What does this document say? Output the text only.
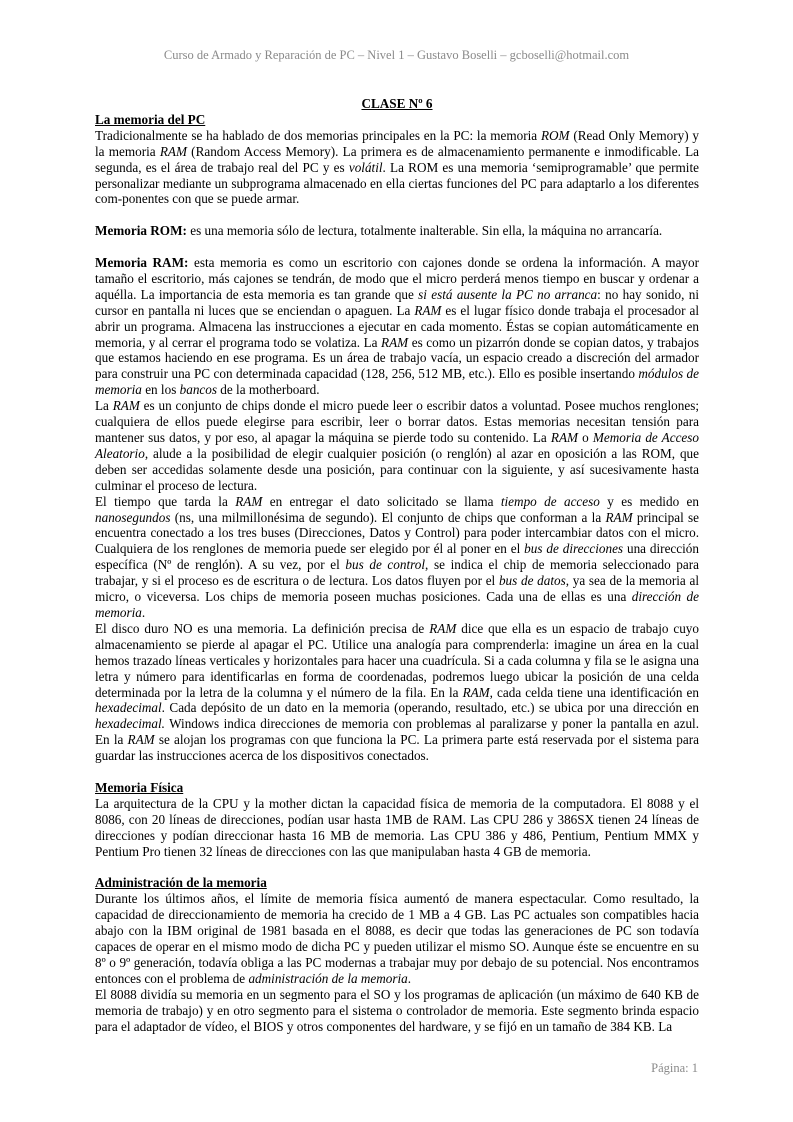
Curso de Armado y Reparación de PC – Nivel 1 – Gustavo Boselli – gcboselli@hotmail.com

CLASE Nº 6

La memoria del PC

Tradicionalmente se ha hablado de dos memorias principales en la PC: la memoria ROM (Read Only Memory) y la memoria RAM (Random Access Memory). La primera es de almacenamiento permanente e inmodificable. La segunda, es el área de trabajo real del PC y es volátil. La ROM es una memoria ‘semiprogramable’ que permite personalizar mediante un subprograma almacenado en ella ciertas funciones del PC para adaptarlo a los diferentes com-ponentes con que se puede armar.

Memoria ROM: es una memoria sólo de lectura, totalmente inalterable. Sin ella, la máquina no arrancaría.

Memoria RAM: esta memoria es como un escritorio con cajones donde se ordena la información. A mayor tamaño el escritorio, más cajones se tendrán, de modo que el micro perderá menos tiempo en buscar y ordenar a aquélla. La importancia de esta memoria es tan grande que si está ausente la PC no arranca: no hay sonido, ni cursor en pantalla ni luces que se enciendan o apaguen. La RAM es el lugar físico donde trabaja el procesador al abrir un programa. Almacena las instrucciones a ejecutar en cada momento. Éstas se copian automáticamente en memoria, y al cerrar el programa todo se volatiza. La RAM es como un pizarrón donde se copian datos, y trabajos que estamos haciendo en ese programa. Es un área de trabajo vacía, un espacio creado a discreción del armador para construir una PC con determinada capacidad (128, 256, 512 MB, etc.). Ello es posible insertando módulos de memoria en los bancos de la motherboard.

La RAM es un conjunto de chips donde el micro puede leer o escribir datos a voluntad. Posee muchos renglones; cualquiera de ellos puede elegirse para escribir, leer o borrar datos. Estas memorias necesitan tensión para mantener sus datos, y por eso, al apagar la máquina se pierde todo su contenido. La RAM o Memoria de Acceso Aleatorio, alude a la posibilidad de elegir cualquier posición (o renglón) al azar en oposición a las ROM, que deben ser accedidas solamente desde una posición, para continuar con la siguiente, y así sucesivamente hasta culminar el proceso de lectura.

El tiempo que tarda la RAM en entregar el dato solicitado se llama tiempo de acceso y es medido en nanosegundos (ns, una milmillonésima de segundo). El conjunto de chips que conforman a la RAM principal se encuentra conectado a los tres buses (Direcciones, Datos y Control) para poder intercambiar datos con el micro. Cualquiera de los renglones de memoria puede ser elegido por él al poner en el bus de direcciones una dirección específica (Nº de renglón). A su vez, por el bus de control, se indica el chip de memoria seleccionado para trabajar, y si el proceso es de escritura o de lectura. Los datos fluyen por el bus de datos, ya sea de la memoria al micro, o viceversa. Los chips de memoria poseen muchas posiciones. Cada una de ellas es una dirección de memoria.

El disco duro NO es una memoria. La definición precisa de RAM dice que ella es un espacio de trabajo cuyo almacenamiento se pierde al apagar el PC. Utilice una analogía para comprenderla: imagine un área en la cual hemos trazado líneas verticales y horizontales para hacer una cuadrícula. Si a cada columna y fila se le asigna una letra y número para identificarlas en forma de coordenadas, podremos luego ubicar la posición de una celda determinada por la letra de la columna y el número de la fila. En la RAM, cada celda tiene una identificación en hexadecimal. Cada depósito de un dato en la memoria (operando, resultado, etc.) se ubica por una dirección en hexadecimal. Windows indica direcciones de memoria con problemas al paralizarse y poner la pantalla en azul. En la RAM se alojan los programas con que funciona la PC. La primera parte está reservada por el sistema para guardar las instrucciones acerca de los dispositivos conectados.

Memoria Física

La arquitectura de la CPU y la mother dictan la capacidad física de memoria de la computadora. El 8088 y el 8086, con 20 líneas de direcciones, podían usar hasta 1MB de RAM. Las CPU 286 y 386SX tienen 24 líneas de direcciones y podían direccionar hasta 16 MB de memoria. Las CPU 386 y 486, Pentium, Pentium MMX y Pentium Pro tienen 32 líneas de direcciones con las que manipulaban hasta 4 GB de memoria.

Administración de la memoria

Durante los últimos años, el límite de memoria física aumentó de manera espectacular. Como resultado, la capacidad de direccionamiento de memoria ha crecido de 1 MB a 4 GB. Las PC actuales son compatibles hacia abajo con la IBM original de 1981 basada en el 8088, es decir que todas las generaciones de PC son todavía capaces de operar en el mismo modo de dicha PC y pueden utilizar el mismo SO. Aunque éste se encuentre en su 8º o 9º generación, todavía obliga a las PC modernas a trabajar muy por debajo de su potencial. Nos encontramos entonces con el problema de administración de la memoria.

El 8088 dividía su memoria en un segmento para el SO y los programas de aplicación (un máximo de 640 KB de memoria de trabajo) y en otro segmento para el sistema o controlador de memoria. Este segmento brinda espacio para el adaptador de vídeo, el BIOS y otros componentes del hardware, y se fijó en un tamaño de 384 KB. La

Página: 1
